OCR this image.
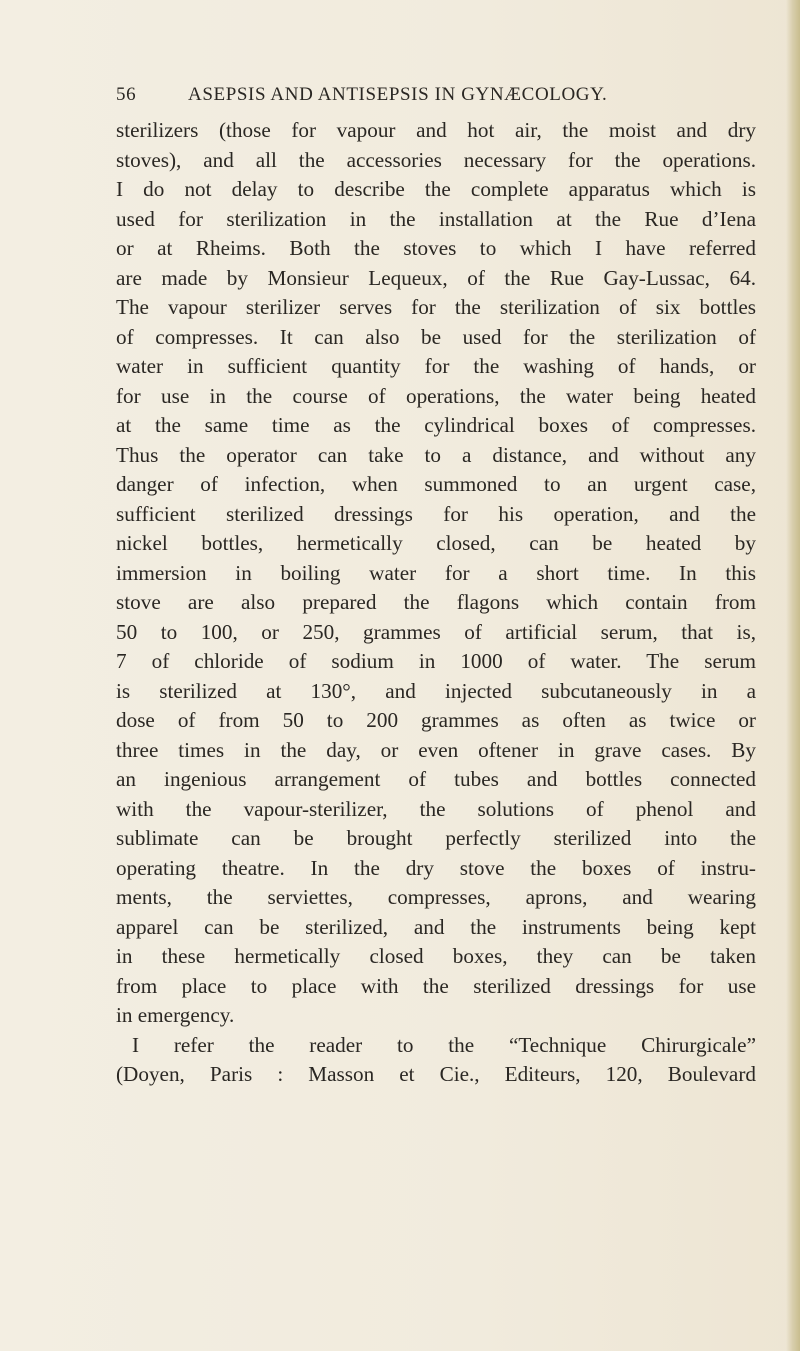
56	ASEPSIS AND ANTISEPSIS IN GYNÆCOLOGY.
sterilizers (those for vapour and hot air, the moist and dry
stoves), and all the accessories necessary for the operations.
I do not delay to describe the complete apparatus which is
used for sterilization in the installation at the Rue d’Iena
or at Rheims. Both the stoves to which I have referred
are made by Monsieur Lequeux, of the Rue Gay-Lussac, 64.
The vapour sterilizer serves for the sterilization of six bottles
of compresses. It can also be used for the sterilization of
water in sufficient quantity for the washing of hands, or
for use in the course of operations, the water being heated
at the same time as the cylindrical boxes of compresses.
Thus the operator can take to a distance, and without any
danger of infection, when summoned to an urgent case,
sufficient sterilized dressings for his operation, and the
nickel bottles, hermetically closed, can be heated by
immersion in boiling water for a short time. In this
stove are also prepared the flagons which contain from
50 to 100, or 250, grammes of artificial serum, that is,
7 of chloride of sodium in 1000 of water. The serum
is sterilized at 130°, and injected subcutaneously in a
dose of from 50 to 200 grammes as often as twice or
three times in the day, or even oftener in grave cases. By
an ingenious arrangement of tubes and bottles connected
with the vapour-sterilizer, the solutions of phenol and
sublimate can be brought perfectly sterilized into the
operating theatre. In the dry stove the boxes of instru-
ments, the serviettes, compresses, aprons, and wearing
apparel can be sterilized, and the instruments being kept
in these hermetically closed boxes, they can be taken
from place to place with the sterilized dressings for use
in emergency.
I refer the reader to the “Technique Chirurgicale”
(Doyen, Paris : Masson et Cie., Editeurs, 120, Boulevard
